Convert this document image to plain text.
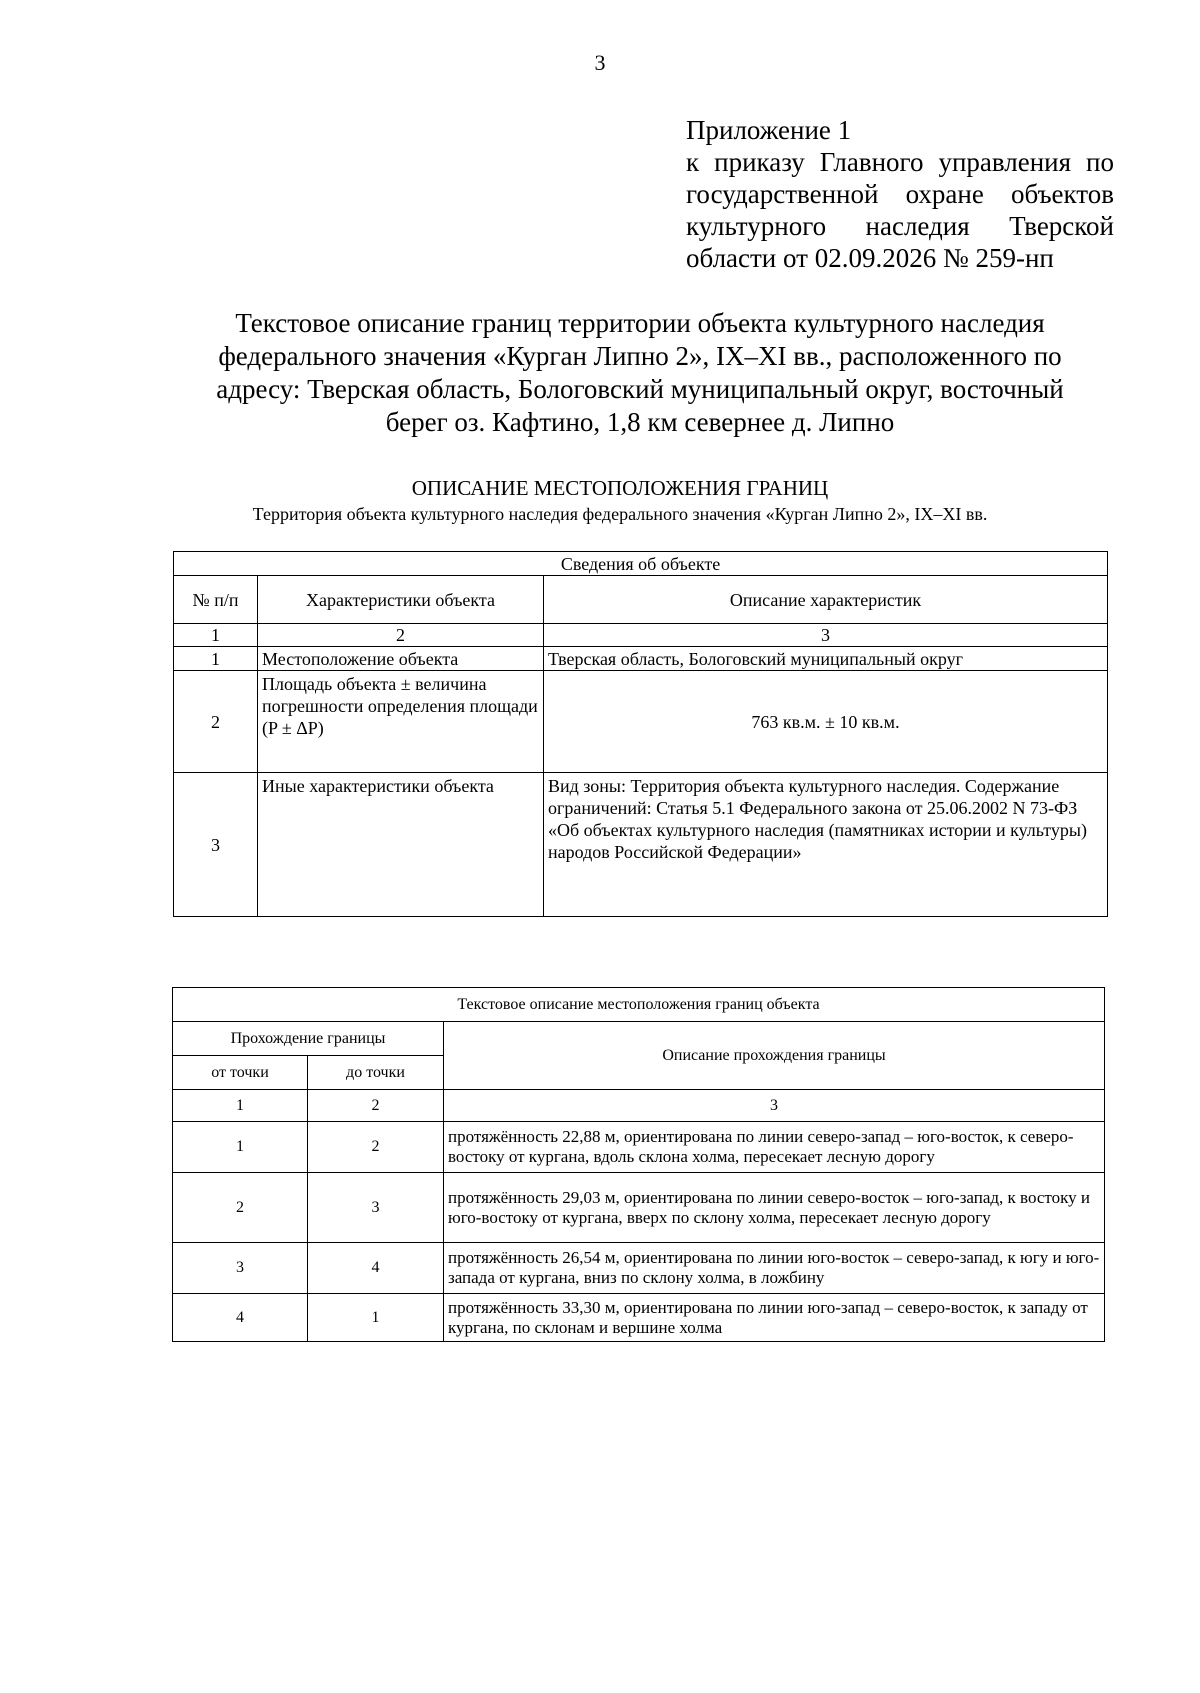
3
Приложение 1
к приказу Главного управления по
государственной охране объектов
культурного наследия Тверской
области от 02.09.2026 № 259-нп
Текстовое описание границ территории объекта культурного наследия
федерального значения «Курган Липно 2», IX–XI вв., расположенного по
адресу: Тверская область, Бологовский муниципальный округ, восточный
берег оз. Кафтино, 1,8 км севернее д. Липно
ОПИСАНИЕ МЕСТОПОЛОЖЕНИЯ ГРАНИЦ
Территория объекта культурного наследия федерального значения «Курган Липно 2», IX–XI вв.
Сведения об объекте		
№ п/п	Характеристики объекта	Описание характеристик
1	2	3
1	Местоположение объекта	Тверская область, Бологовский муниципальный округ
2	Площадь объекта ± величина погрешности определения площади (P ± ΔP)	763 кв.м. ± 10 кв.м.
3	Иные характеристики объекта	Вид зоны: Территория объекта культурного наследия. Содержание ограничений: Статья 5.1 Федерального закона от 25.06.2002 N 73-ФЗ «Об объектах культурного наследия (памятниках истории и культуры) народов Российской Федерации»
Текстовое описание местоположения границ объекта		
Прохождение границы		Описание прохождения границы
от точки	до точки	
1	2	3
1	2	протяжённость 22,88 м, ориентирована по линии северо-запад – юго-восток, к северо-востоку от кургана, вдоль склона холма, пересекает лесную дорогу
2	3	протяжённость 29,03 м, ориентирована по линии северо-восток – юго-запад, к востоку и юго-востоку от кургана, вверх по склону холма, пересекает лесную дорогу
3	4	протяжённость 26,54 м, ориентирована по линии юго-восток – северо-запад, к югу и юго-запада от кургана, вниз по склону холма, в ложбину
4	1	протяжённость 33,30 м, ориентирована по линии юго-запад – северо-восток, к западу от кургана, по склонам и вершине холма
